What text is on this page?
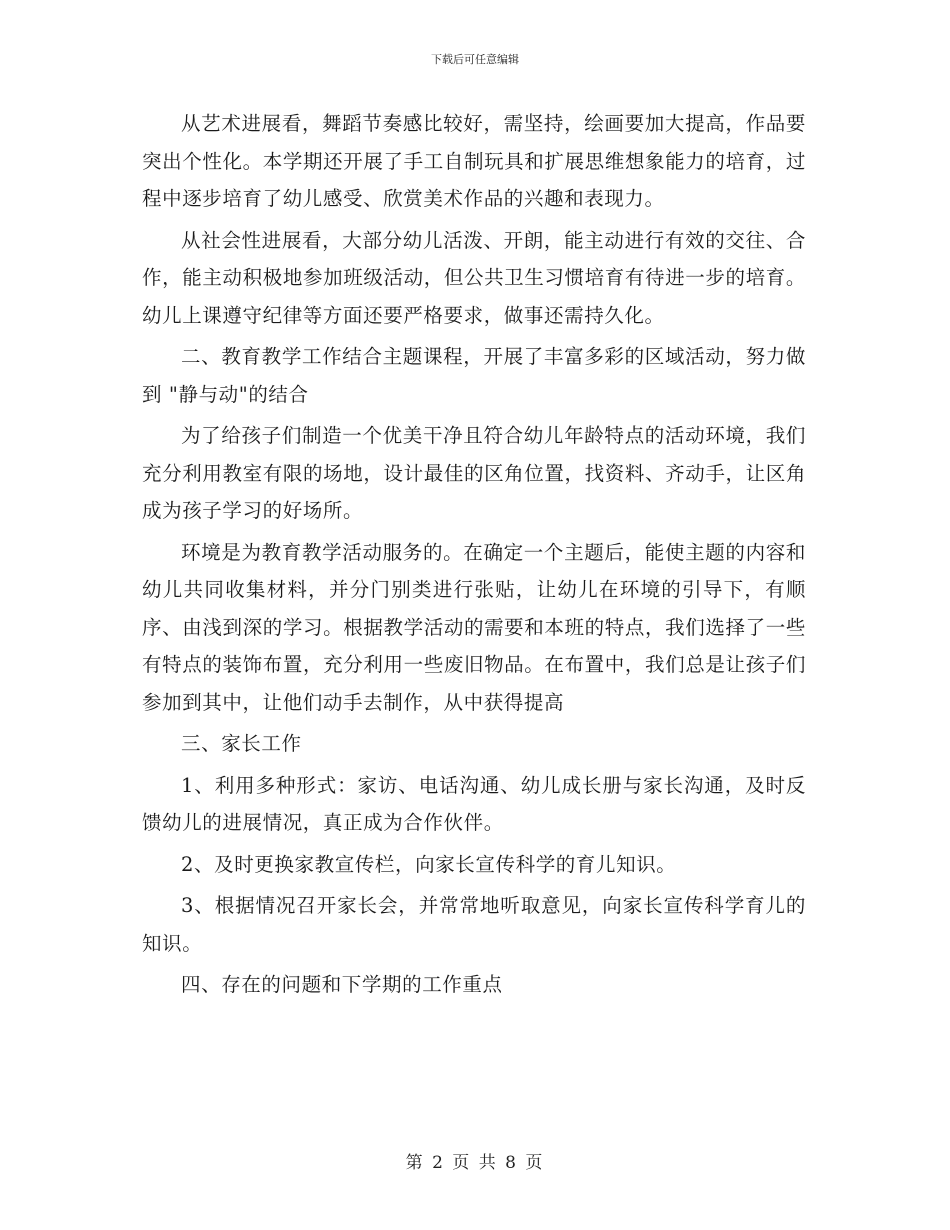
下载后可任意编辑

从艺术进展看，舞蹈节奏感比较好，需坚持，绘画要加大提高，作品要突出个性化。本学期还开展了手工自制玩具和扩展思维想象能力的培育，过程中逐步培育了幼儿感受、欣赏美术作品的兴趣和表现力。

从社会性进展看，大部分幼儿活泼、开朗，能主动进行有效的交往、合作，能主动积极地参加班级活动，但公共卫生习惯培育有待进一步的培育。幼儿上课遵守纪律等方面还要严格要求，做事还需持久化。

二、教育教学工作结合主题课程，开展了丰富多彩的区域活动，努力做到 "静与动"的结合

为了给孩子们制造一个优美干净且符合幼儿年龄特点的活动环境，我们充分利用教室有限的场地，设计最佳的区角位置，找资料、齐动手，让区角成为孩子学习的好场所。

环境是为教育教学活动服务的。在确定一个主题后，能使主题的内容和幼儿共同收集材料，并分门别类进行张贴，让幼儿在环境的引导下，有顺序、由浅到深的学习。根据教学活动的需要和本班的特点，我们选择了一些有特点的装饰布置，充分利用一些废旧物品。在布置中，我们总是让孩子们参加到其中，让他们动手去制作，从中获得提高

三、家长工作

1、利用多种形式：家访、电话沟通、幼儿成长册与家长沟通，及时反馈幼儿的进展情况，真正成为合作伙伴。

2、及时更换家教宣传栏，向家长宣传科学的育儿知识。

3、根据情况召开家长会，并常常地听取意见，向家长宣传科学育儿的知识。

四、存在的问题和下学期的工作重点

第 2 页 共 8 页
